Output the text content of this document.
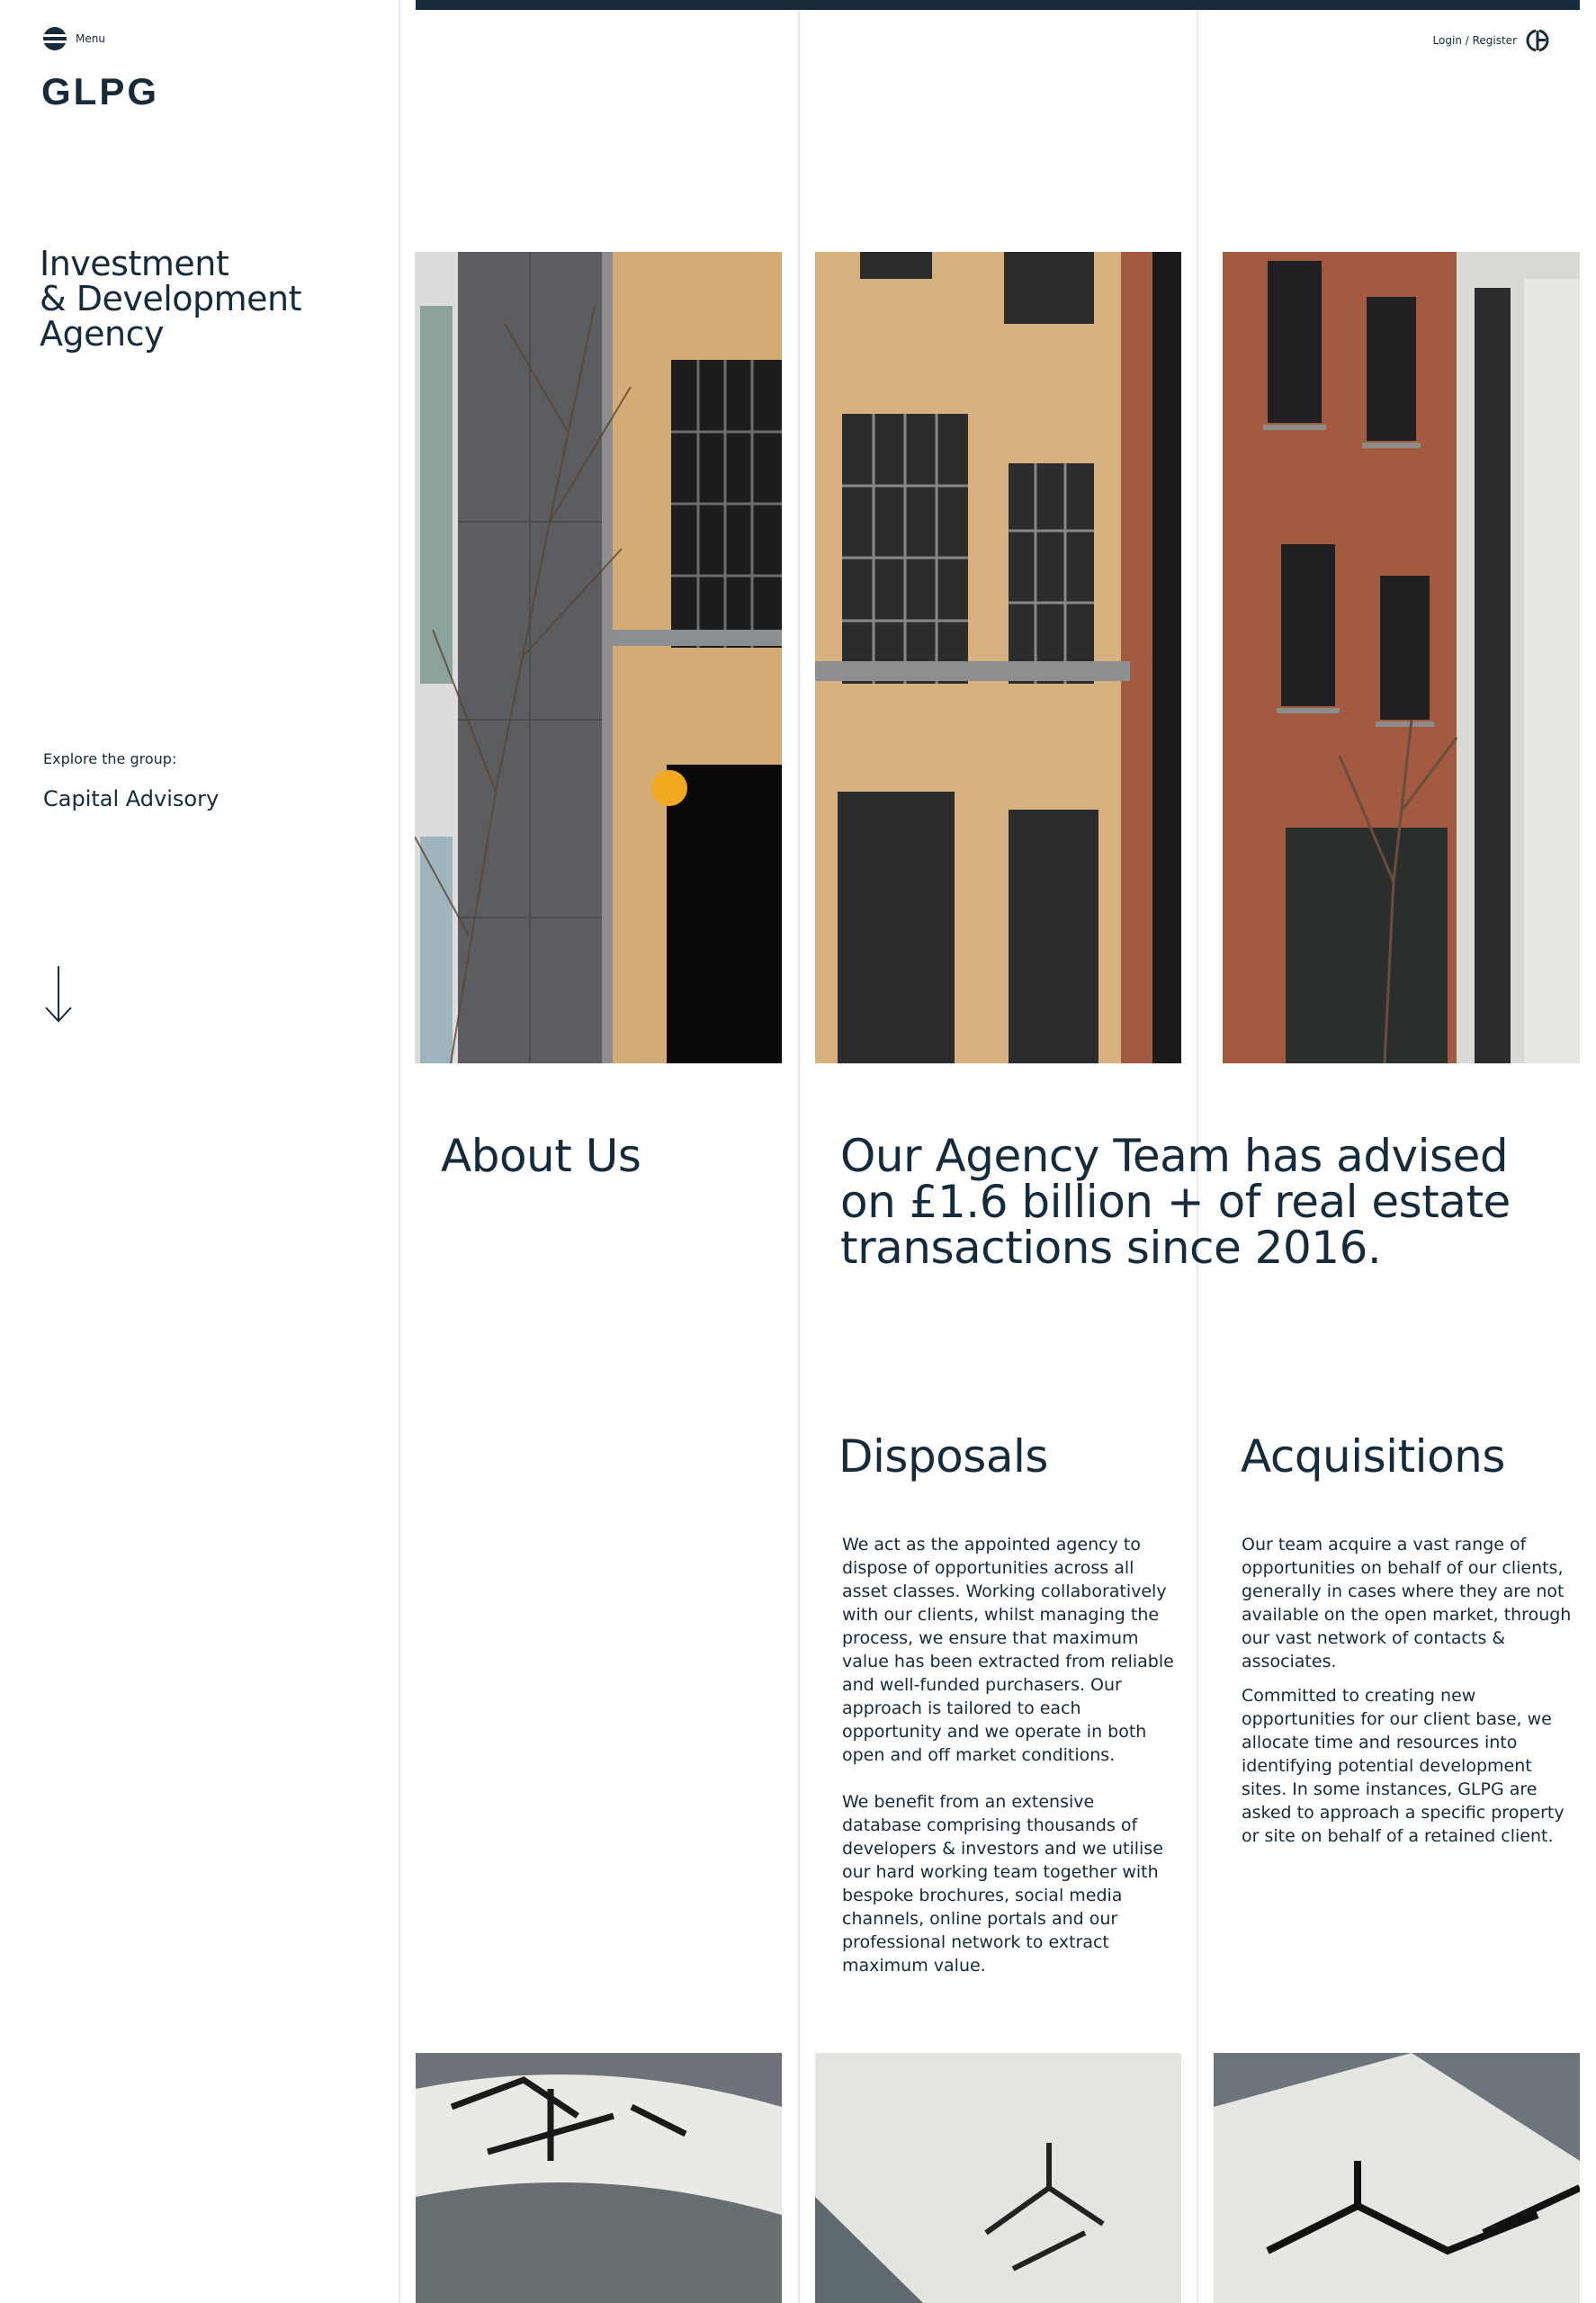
Menu
GLPG
Investment
& Development
Agency
Explore the group:
Capital Advisory
Login / Register
About Us	Our Agency Team has advised on £1.6 billion + of real estate transactions since 2016.
Disposals

We act as the appointed agency to dispose of opportunities across all asset classes. Working collaboratively with our clients, whilst managing the process, we ensure that maximum value has been extracted from reliable and well-funded purchasers. Our approach is tailored to each opportunity and we operate in both open and off market conditions.

We benefit from an extensive database comprising thousands of developers & investors and we utilise our hard working team together with bespoke brochures, social media channels, online portals and our professional network to extract maximum value.

Acquisitions

Our team acquire a vast range of opportunities on behalf of our clients, generally in cases where they are not available on the open market, through our vast network of contacts & associates.

Committed to creating new opportunities for our client base, we allocate time and resources into identifying potential development sites. In some instances, GLPG are asked to approach a specific property or site on behalf of a retained client.
